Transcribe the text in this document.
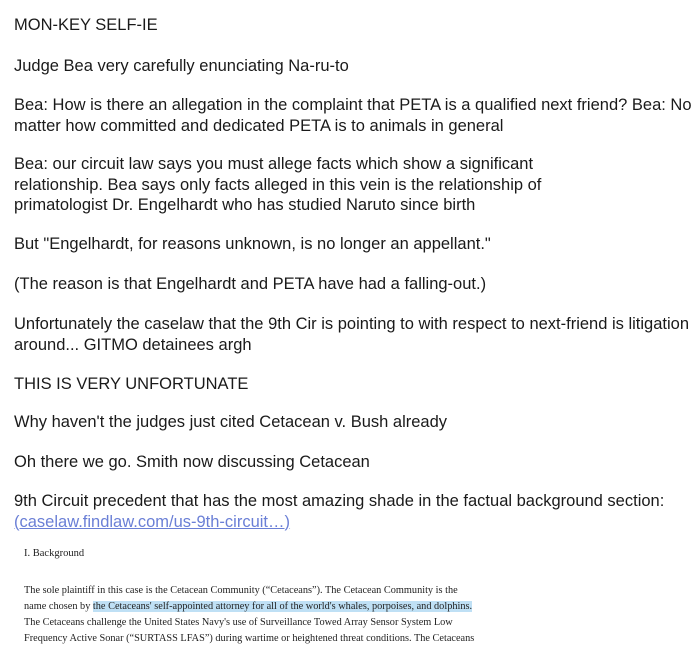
MON-KEY SELF-IE

Judge Bea very carefully enunciating Na-ru-to

Bea: How is there an allegation in the complaint that PETA is a qualified next friend? Bea: No matter how committed and dedicated PETA is to animals in general

Bea: our circuit law says you must allege facts which show a significant relationship. Bea says only facts alleged in this vein is the relationship of primatologist Dr. Engelhardt who has studied Naruto since birth

But "Engelhardt, for reasons unknown, is no longer an appellant."

(The reason is that Engelhardt and PETA have had a falling-out.)

Unfortunately the caselaw that the 9th Cir is pointing to with respect to next-friend is litigation around... GITMO detainees argh

THIS IS VERY UNFORTUNATE

Why haven't the judges just cited Cetacean v. Bush already

Oh there we go. Smith now discussing Cetacean

9th Circuit precedent that has the most amazing shade in the factual background section: (caselaw.findlaw.com/us-9th-circuit…)

I. Background
The sole plaintiff in this case is the Cetacean Community (“Cetaceans”). The Cetacean Community is the
name chosen by the Cetaceans' self-appointed attorney for all of the world's whales, porpoises, and dolphins.
The Cetaceans challenge the United States Navy's use of Surveillance Towed Array Sensor System Low
Frequency Active Sonar (“SURTASS LFAS”) during wartime or heightened threat conditions. The Cetaceans
